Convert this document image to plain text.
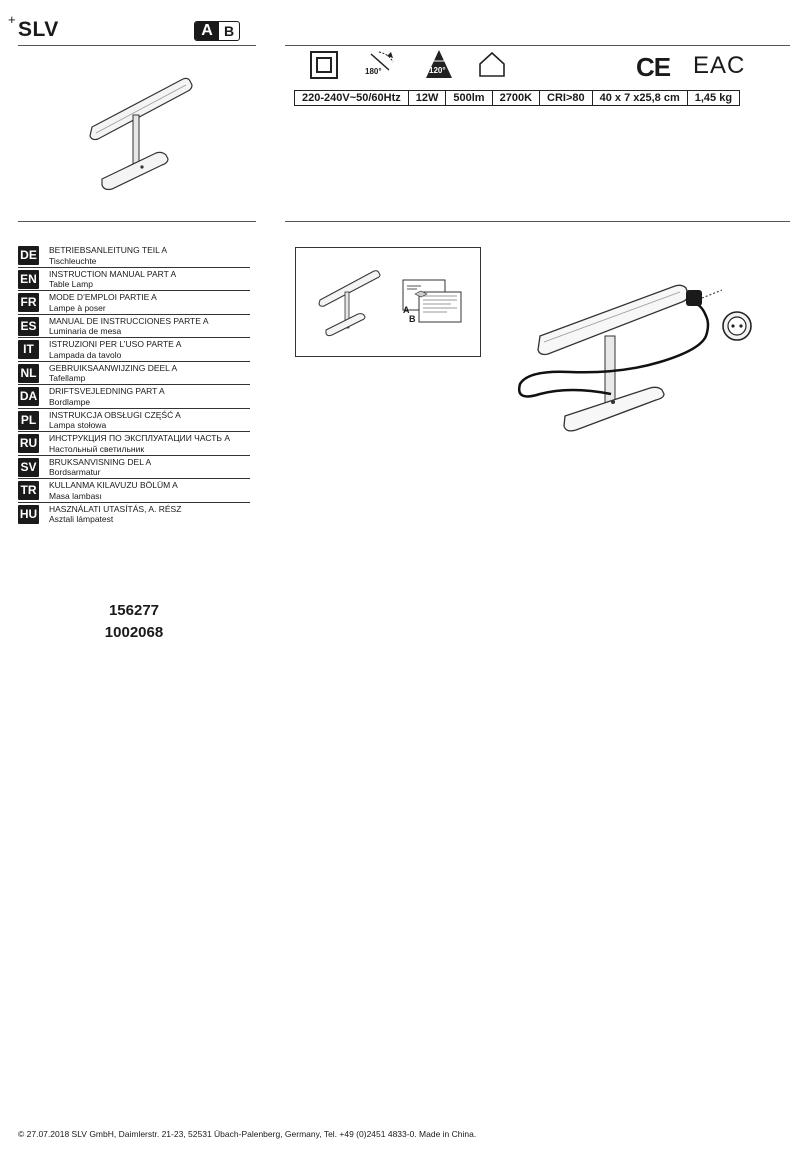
+ SLV	A B
180°	120°	CE EAC
220-240V~50/60Htz	12W	500lm	2700K	CRI>80	40 x 7 x25,8 cm	1,45 kg
DE BETRIEBSANLEITUNG TEIL A
Tischleuchte
EN INSTRUCTION MANUAL PART A
Table Lamp
FR MODE D’EMPLOI PARTIE A
Lampe à poser
ES MANUAL DE INSTRUCCIONES PARTE A
Luminaria de mesa
IT	ISTRUZIONI PER L’USO PARTE A
Lampada da tavolo
NL GEBRUIKSAANWIJZING DEEL A
Tafellamp
DA DRIFTSVEJLEDNING PART A
Bordlampe
PL	INSTRUKCJA OBSŁUGI CZĘŚĆ A
Lampa stołowa
RU ИНСТРУКЦИЯ ПО ЭКСПЛУАТАЦИИ ЧАСТЬ А
Настольный светильник
SV BRUKSANVISNING DEL A
Bordsarmatur
TR KULLANMA KILAVUZU BÖLÜM A
Masa lambası
HU HASZNÁLATI UTASÍTÁS, A. RÉSZ
Asztali lámpatest
156277
1002068
A
B
© 27.07.2018 SLV GmbH, Daimlerstr. 21-23, 52531 Übach-Palenberg, Germany, Tel. +49 (0)2451 4833-0. Made in China.
